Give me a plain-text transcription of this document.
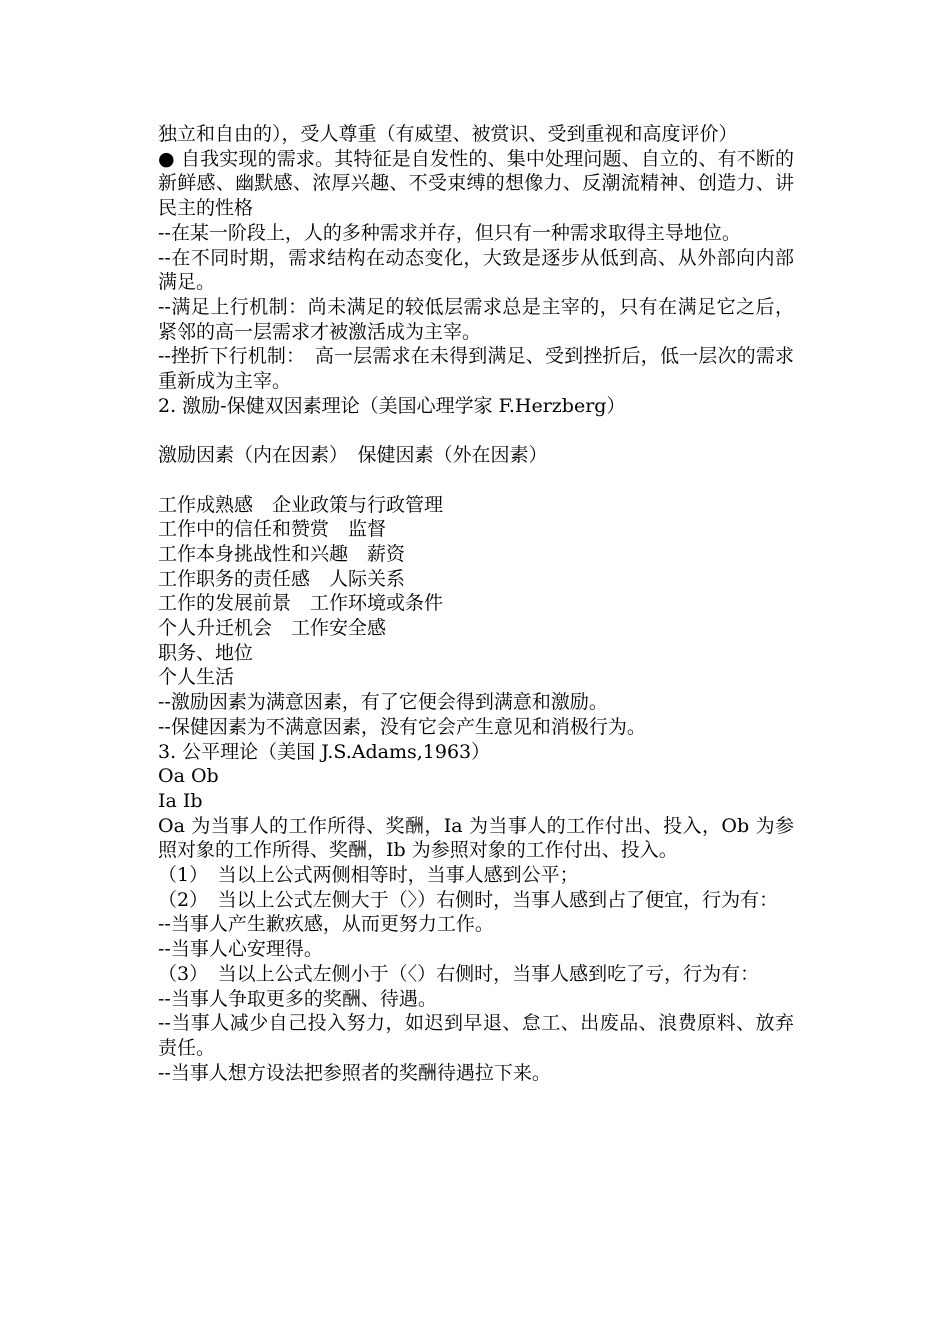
独立和自由的），受人尊重（有威望、被赏识、受到重视和高度评价）

● 自我实现的需求。其特征是自发性的、集中处理问题、自立的、有不断的新鲜感、幽默感、浓厚兴趣、不受束缚的想像力、反潮流精神、创造力、讲民主的性格

--在某一阶段上，人的多种需求并存，但只有一种需求取得主导地位。

--在不同时期，需求结构在动态变化，大致是逐步从低到高、从外部向内部满足。

--满足上行机制：尚未满足的较低层需求总是主宰的，只有在满足它之后，紧邻的高一层需求才被激活成为主宰。

--挫折下行机制：　高一层需求在未得到满足、受到挫折后，低一层次的需求重新成为主宰。

2. 激励-保健双因素理论（美国心理学家 F.Herzberg）

激励因素（内在因素）　保健因素（外在因素）

工作成熟感　企业政策与行政管理

工作中的信任和赞赏　监督

工作本身挑战性和兴趣　薪资

工作职务的责任感　人际关系

工作的发展前景　工作环境或条件

个人升迁机会　工作安全感

职务、地位

个人生活

--激励因素为满意因素，有了它便会得到满意和激励。

--保健因素为不满意因素，没有它会产生意见和消极行为。

3. 公平理论（美国 J.S.Adams,1963）

Oa Ob

Ia Ib

Oa 为当事人的工作所得、奖酬，Ia 为当事人的工作付出、投入，Ob 为参照对象的工作所得、奖酬，Ib 为参照对象的工作付出、投入。

（1）　当以上公式两侧相等时，当事人感到公平；

（2）　当以上公式左侧大于（〉）右侧时，当事人感到占了便宜，行为有：

--当事人产生歉疚感，从而更努力工作。

--当事人心安理得。

（3）　当以上公式左侧小于（〈）右侧时，当事人感到吃了亏，行为有：

--当事人争取更多的奖酬、待遇。

--当事人减少自己投入努力，如迟到早退、怠工、出废品、浪费原料、放弃责任。

--当事人想方设法把参照者的奖酬待遇拉下来。
